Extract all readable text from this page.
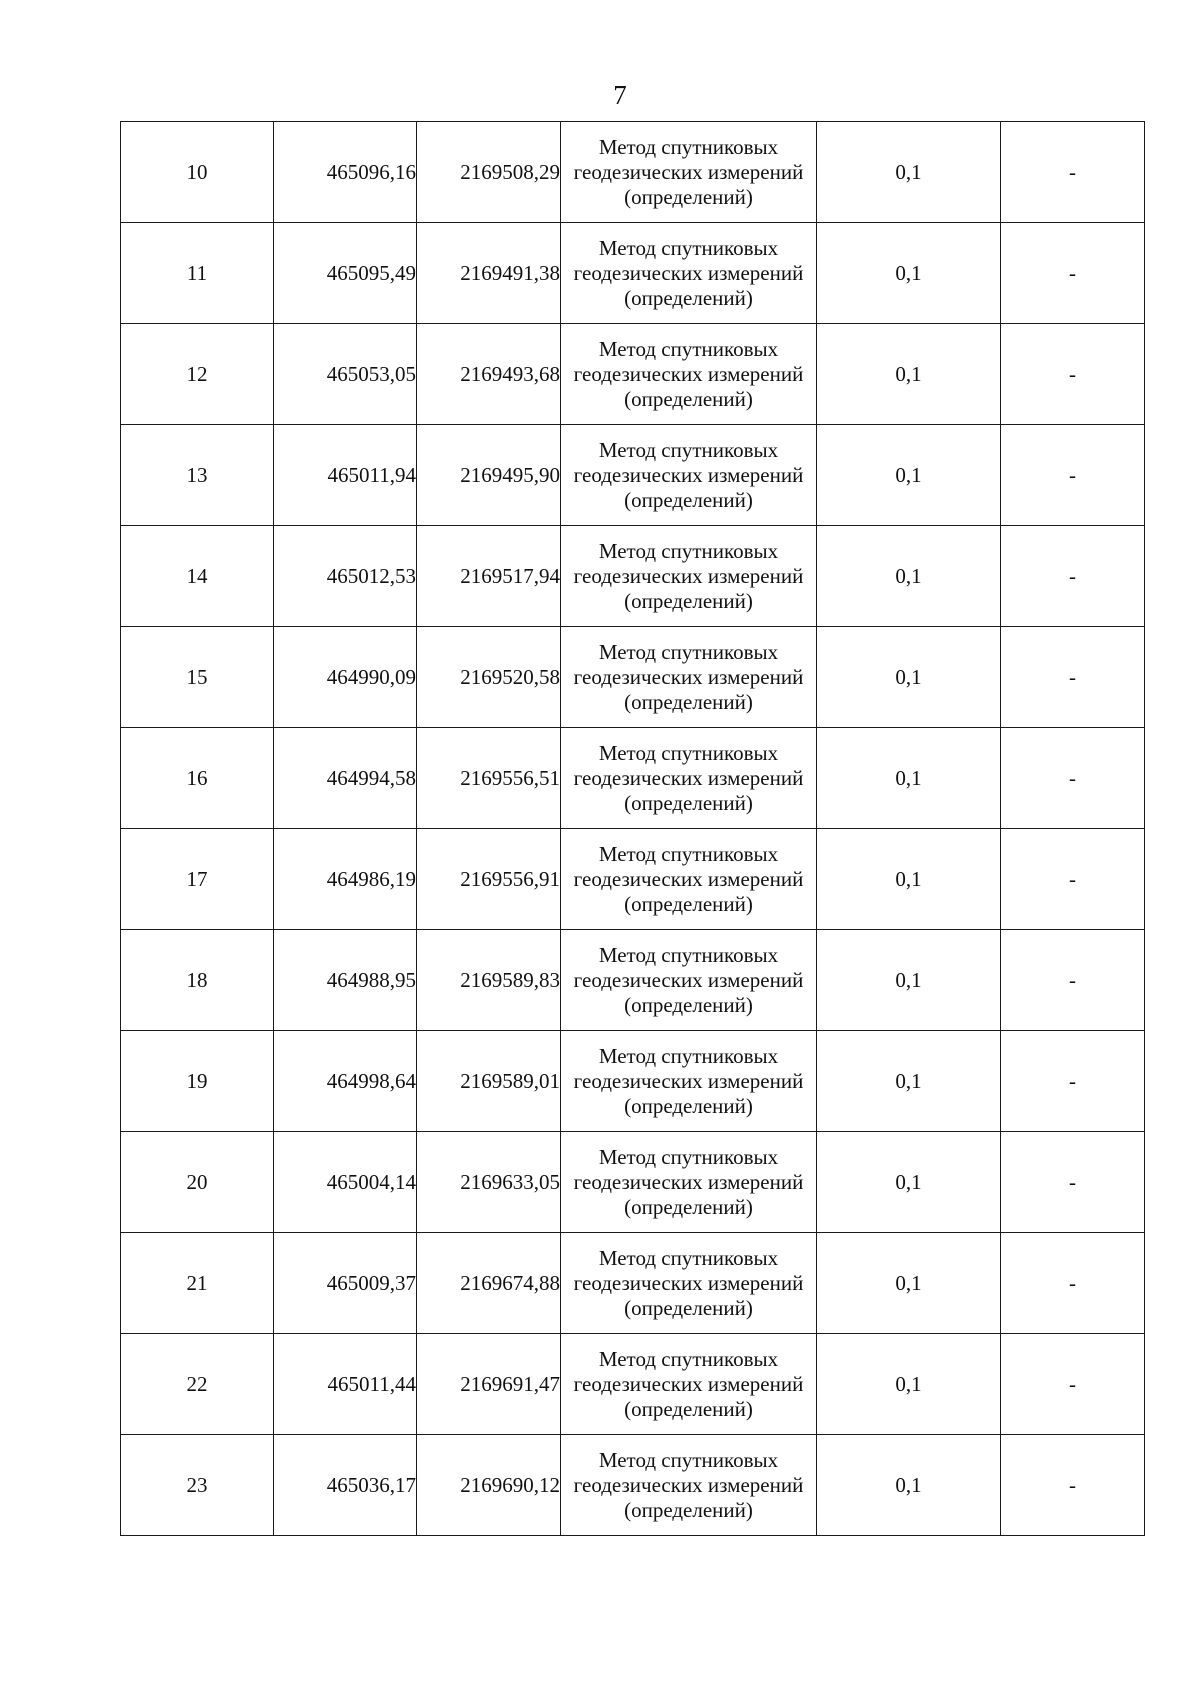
7
10	465096,16	2169508,29	Метод спутниковых геодезических измерений (определений)	0,1	-
11	465095,49	2169491,38	Метод спутниковых геодезических измерений (определений)	0,1	-
12	465053,05	2169493,68	Метод спутниковых геодезических измерений (определений)	0,1	-
13	465011,94	2169495,90	Метод спутниковых геодезических измерений (определений)	0,1	-
14	465012,53	2169517,94	Метод спутниковых геодезических измерений (определений)	0,1	-
15	464990,09	2169520,58	Метод спутниковых геодезических измерений (определений)	0,1	-
16	464994,58	2169556,51	Метод спутниковых геодезических измерений (определений)	0,1	-
17	464986,19	2169556,91	Метод спутниковых геодезических измерений (определений)	0,1	-
18	464988,95	2169589,83	Метод спутниковых геодезических измерений (определений)	0,1	-
19	464998,64	2169589,01	Метод спутниковых геодезических измерений (определений)	0,1	-
20	465004,14	2169633,05	Метод спутниковых геодезических измерений (определений)	0,1	-
21	465009,37	2169674,88	Метод спутниковых геодезических измерений (определений)	0,1	-
22	465011,44	2169691,47	Метод спутниковых геодезических измерений (определений)	0,1	-
23	465036,17	2169690,12	Метод спутниковых геодезических измерений (определений)	0,1	-
